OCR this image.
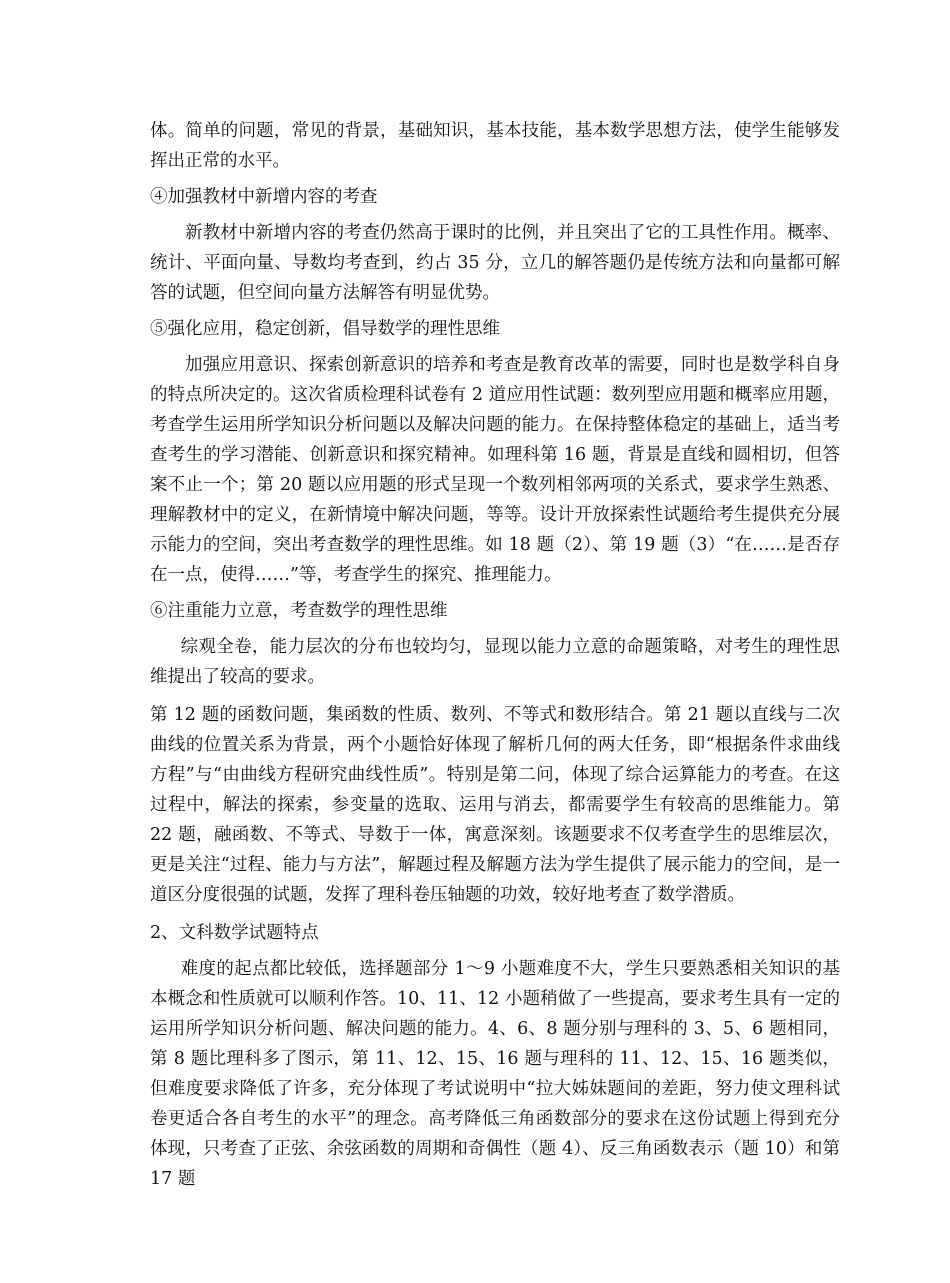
体。简单的问题，常见的背景，基础知识，基本技能，基本数学思想方法，使学生能够发挥出正常的水平。

④加强教材中新增内容的考查

新教材中新增内容的考查仍然高于课时的比例，并且突出了它的工具性作用。概率、统计、平面向量、导数均考查到，约占 35 分，立几的解答题仍是传统方法和向量都可解答的试题，但空间向量方法解答有明显优势。

⑤强化应用，稳定创新，倡导数学的理性思维

加强应用意识、探索创新意识的培养和考查是教育改革的需要，同时也是数学科自身的特点所决定的。这次省质检理科试卷有 2 道应用性试题：数列型应用题和概率应用题，考查学生运用所学知识分析问题以及解决问题的能力。在保持整体稳定的基础上，适当考查考生的学习潜能、创新意识和探究精神。如理科第 16 题，背景是直线和圆相切，但答案不止一个；第 20 题以应用题的形式呈现一个数列相邻两项的关系式，要求学生熟悉、理解教材中的定义，在新情境中解决问题，等等。设计开放探索性试题给考生提供充分展示能力的空间，突出考查数学的理性思维。如 18 题（2）、第 19 题（3）“在……是否存在一点，使得……”等，考查学生的探究、推理能力。

⑥注重能力立意，考查数学的理性思维

综观全卷，能力层次的分布也较均匀，显现以能力立意的命题策略，对考生的理性思维提出了较高的要求。

第 12 题的函数问题，集函数的性质、数列、不等式和数形结合。第 21 题以直线与二次曲线的位置关系为背景，两个小题恰好体现了解析几何的两大任务，即“根据条件求曲线方程”与“由曲线方程研究曲线性质”。特别是第二问，体现了综合运算能力的考查。在这过程中，解法的探索，参变量的选取、运用与消去，都需要学生有较高的思维能力。第 22 题，融函数、不等式、导数于一体，寓意深刻。该题要求不仅考查学生的思维层次，更是关注“过程、能力与方法”，解题过程及解题方法为学生提供了展示能力的空间，是一道区分度很强的试题，发挥了理科卷压轴题的功效，较好地考查了数学潜质。

2、文科数学试题特点

难度的起点都比较低，选择题部分 1～9 小题难度不大，学生只要熟悉相关知识的基本概念和性质就可以顺利作答。10、11、12 小题稍做了一些提高，要求考生具有一定的运用所学知识分析问题、解决问题的能力。4、6、8 题分别与理科的 3、5、6 题相同，第 8 题比理科多了图示，第 11、12、15、16 题与理科的 11、12、15、16 题类似，但难度要求降低了许多，充分体现了考试说明中“拉大姊妹题间的差距，努力使文理科试卷更适合各自考生的水平”的理念。高考降低三角函数部分的要求在这份试题上得到充分体现，只考查了正弦、余弦函数的周期和奇偶性（题 4）、反三角函数表示（题 10）和第 17 题
